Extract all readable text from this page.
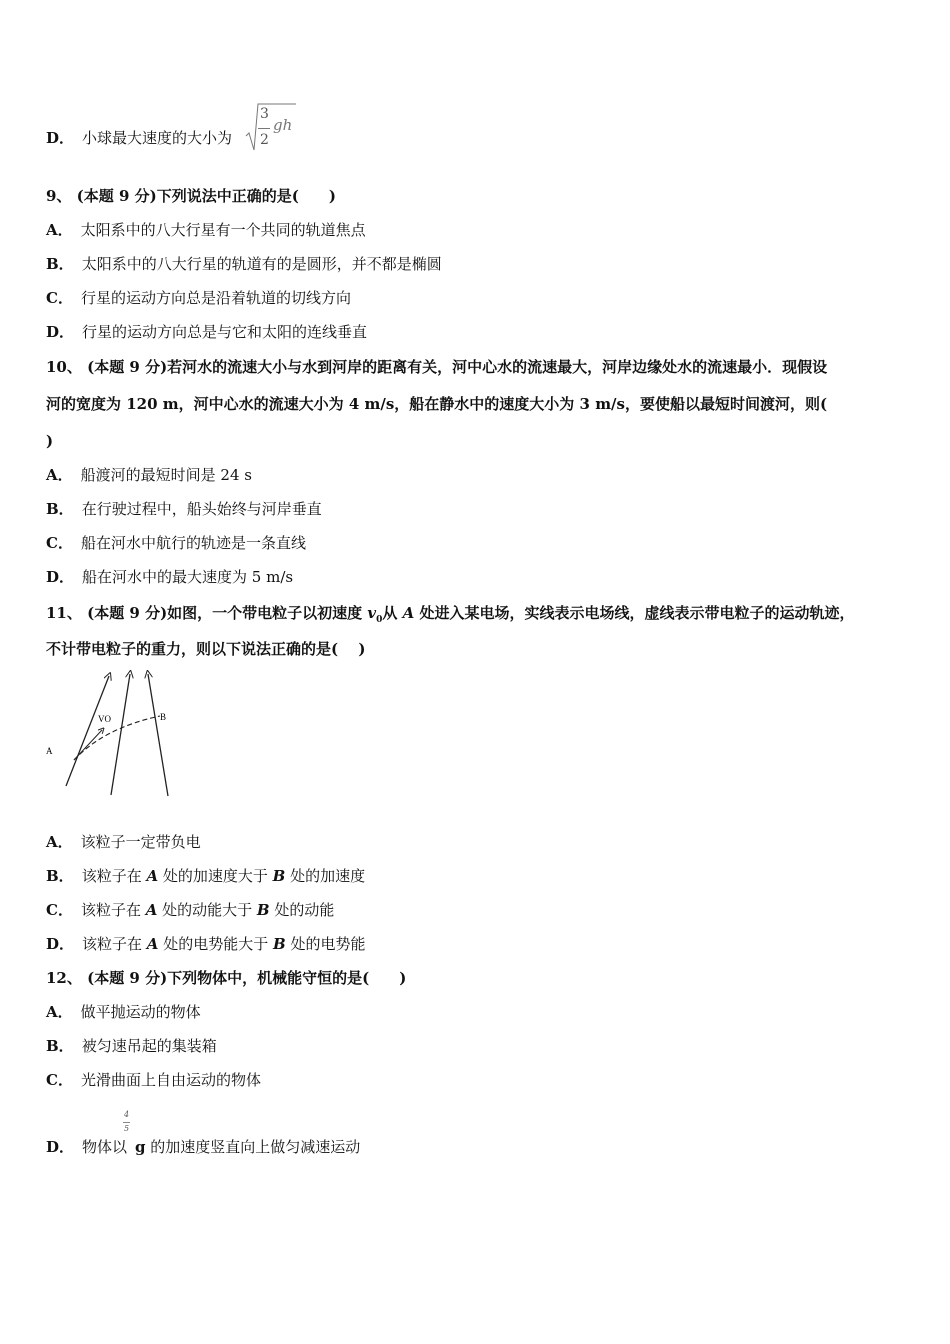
D． 小球最大速度的大小为
3
2
gh
9、 (本题 9 分)下列说法中正确的是(　　)
A． 太阳系中的八大行星有一个共同的轨道焦点
B． 太阳系中的八大行星的轨道有的是圆形，并不都是椭圆
C． 行星的运动方向总是沿着轨道的切线方向
D． 行星的运动方向总是与它和太阳的连线垂直
10、 (本题 9 分)若河水的流速大小与水到河岸的距离有关，河中心水的流速最大，河岸边缘处水的流速最小．现假设
河的宽度为 120 m，河中心水的流速大小为 4 m/s，船在静水中的速度大小为 3 m/s，要使船以最短时间渡河，则(
)
A． 船渡河的最短时间是 24 s
B． 在行驶过程中，船头始终与河岸垂直
C． 船在河水中航行的轨迹是一条直线
D． 船在河水中的最大速度为 5 m/s
11、 (本题 9 分)如图，一个带电粒子以初速度 $v_0$从 A 处进入某电场，实线表示电场线，虚线表示带电粒子的运动轨迹，
不计带电粒子的重力，则以下说法正确的是(　 )
A
B
VO
A． 该粒子一定带负电
B． 该粒子在 A 处的加速度大于 B 处的加速度
C． 该粒子在 A 处的动能大于 B 处的动能
D． 该粒子在 A 处的电势能大于 B 处的电势能
12、 (本题 9 分)下列物体中，机械能守恒的是(　　)
A． 做平抛运动的物体
B． 被匀速吊起的集装箱
C． 光滑曲面上自由运动的物体
D． 物体以 g 的加速度竖直向上做匀减速运动
4
5
